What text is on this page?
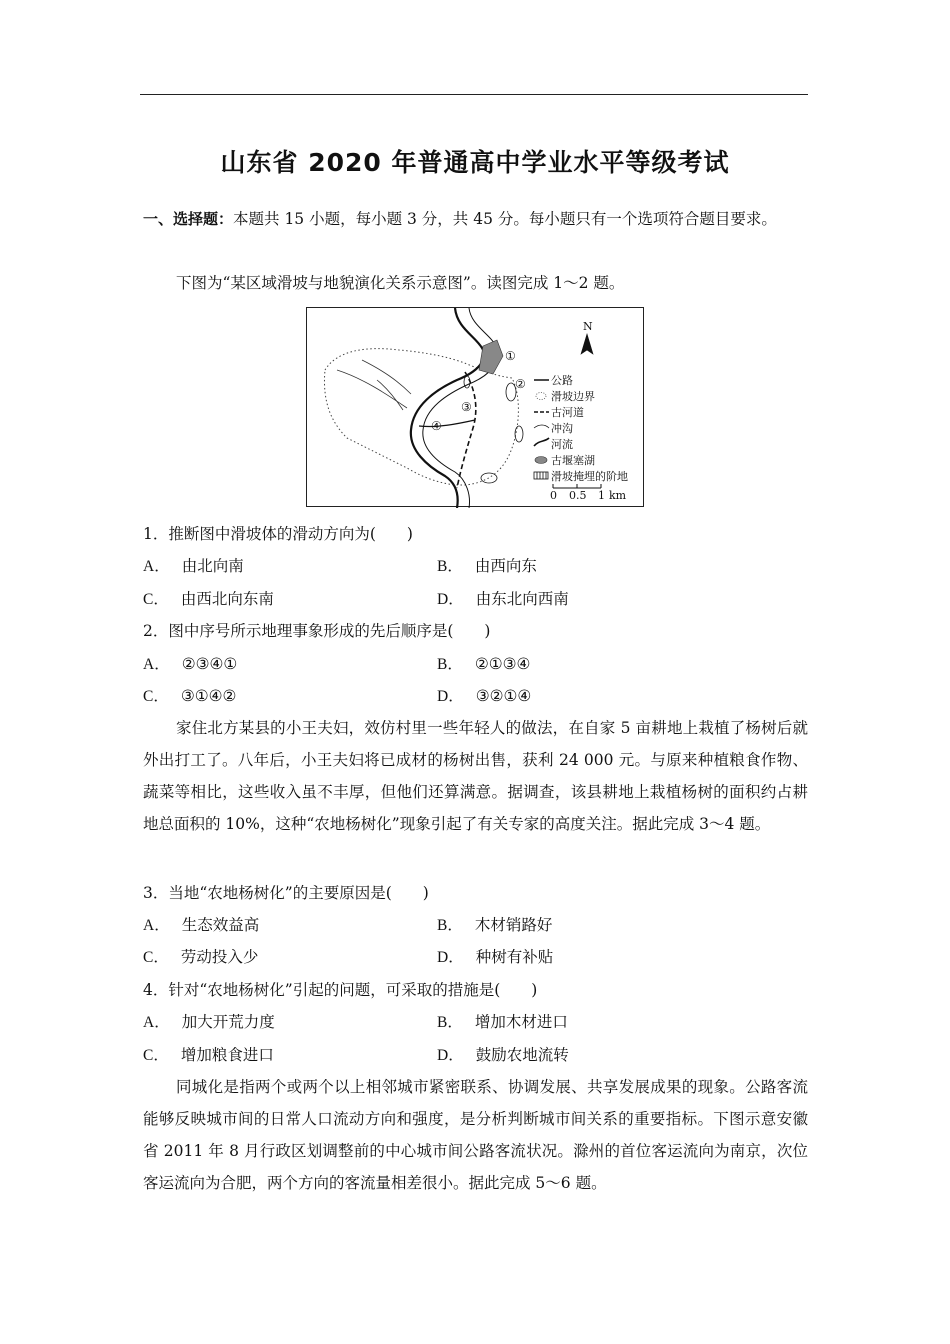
山东省 2020 年普通高中学业水平等级考试
一、选择题：本题共 15 小题，每小题 3 分，共 45 分。每小题只有一个选项符合题目要求。
下图为“某区域滑坡与地貌演化关系示意图”。读图完成 1～2 题。
①
②
③
④
N
公路
滑坡边界
古河道
冲沟
河流
古堰塞湖
滑坡掩埋的阶地
0 0.5 1 km
1．推断图中滑坡体的滑动方向为(　　)
A． 由北向南	B． 由西向东
C． 由西北向东南	D． 由东北向西南
2．图中序号所示地理事象形成的先后顺序是(　　)
A． ②③④①	B． ②①③④
C． ③①④②	D． ③②①④
家住北方某县的小王夫妇，效仿村里一些年轻人的做法，在自家 5 亩耕地上栽植了杨树后就外出打工了。八年后，小王夫妇将已成材的杨树出售，获利 24 000 元。与原来种植粮食作物、蔬菜等相比，这些收入虽不丰厚，但他们还算满意。据调查，该县耕地上栽植杨树的面积约占耕地总面积的 10%，这种“农地杨树化”现象引起了有关专家的高度关注。据此完成 3～4 题。
3．当地“农地杨树化”的主要原因是(　　)
A． 生态效益高	B． 木材销路好
C． 劳动投入少	D． 种树有补贴
4．针对“农地杨树化”引起的问题，可采取的措施是(　　)
A． 加大开荒力度	B． 增加木材进口
C． 增加粮食进口	D． 鼓励农地流转
同城化是指两个或两个以上相邻城市紧密联系、协调发展、共享发展成果的现象。公路客流能够反映城市间的日常人口流动方向和强度，是分析判断城市间关系的重要指标。下图示意安徽省 2011 年 8 月行政区划调整前的中心城市间公路客流状况。滁州的首位客运流向为南京，次位客运流向为合肥，两个方向的客流量相差很小。据此完成 5～6 题。
